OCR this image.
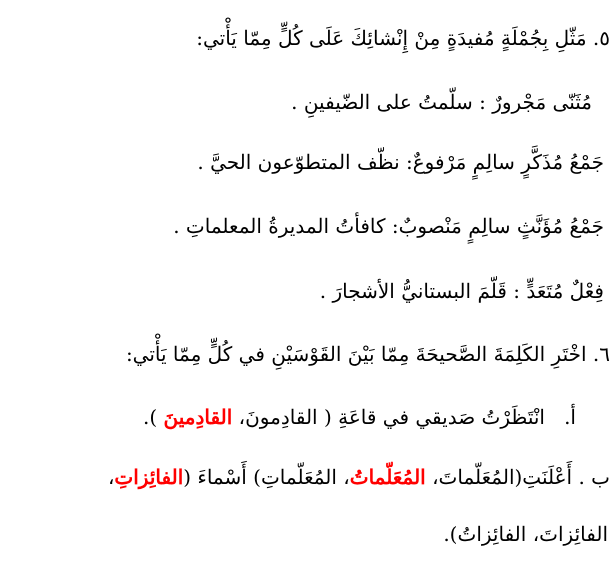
٥. مَثّلِ بِجُمْلَةٍ مُفيدَةٍ مِنْ إِنْشائِكَ عَلَى كُلٍّ مِمّا يَأْتي:
مُثَنّى مَجْرورٌ : سلّمتُ على الضّيفينِ .
جَمْعُ مُذَكَّرٍ سالِمٍ مَرْفوعٌ: نظّف المتطوّعون الحيَّ .
جَمْعُ مُؤَنَّثٍ سالِمٍ مَنْصوبٌ: كافأتُ المديرةُ المعلماتِ .
فِعْلٌ مُتَعَدٍّ : قَلّمَ البستانيُّ الأشجارَ .
٦. اخْتَرِ الكَلِمَةَ الصَّحيحَةَ مِمّا بَيْنَ القَوْسَيْنِ في كُلٍّ مِمّا يَأْتي:
أ.   انْتَظَرْتُ صَديقي في قاعَةِ ( القادِمونَ، القادِمينَ ).
ب . أَعْلَنَتِ(المُعَلّماتَ، المُعَلّماتُ، المُعَلّماتِ) أَسْماءَ (الفائِزاتِ،
الفائِزاتَ، الفائِزاتُ).
